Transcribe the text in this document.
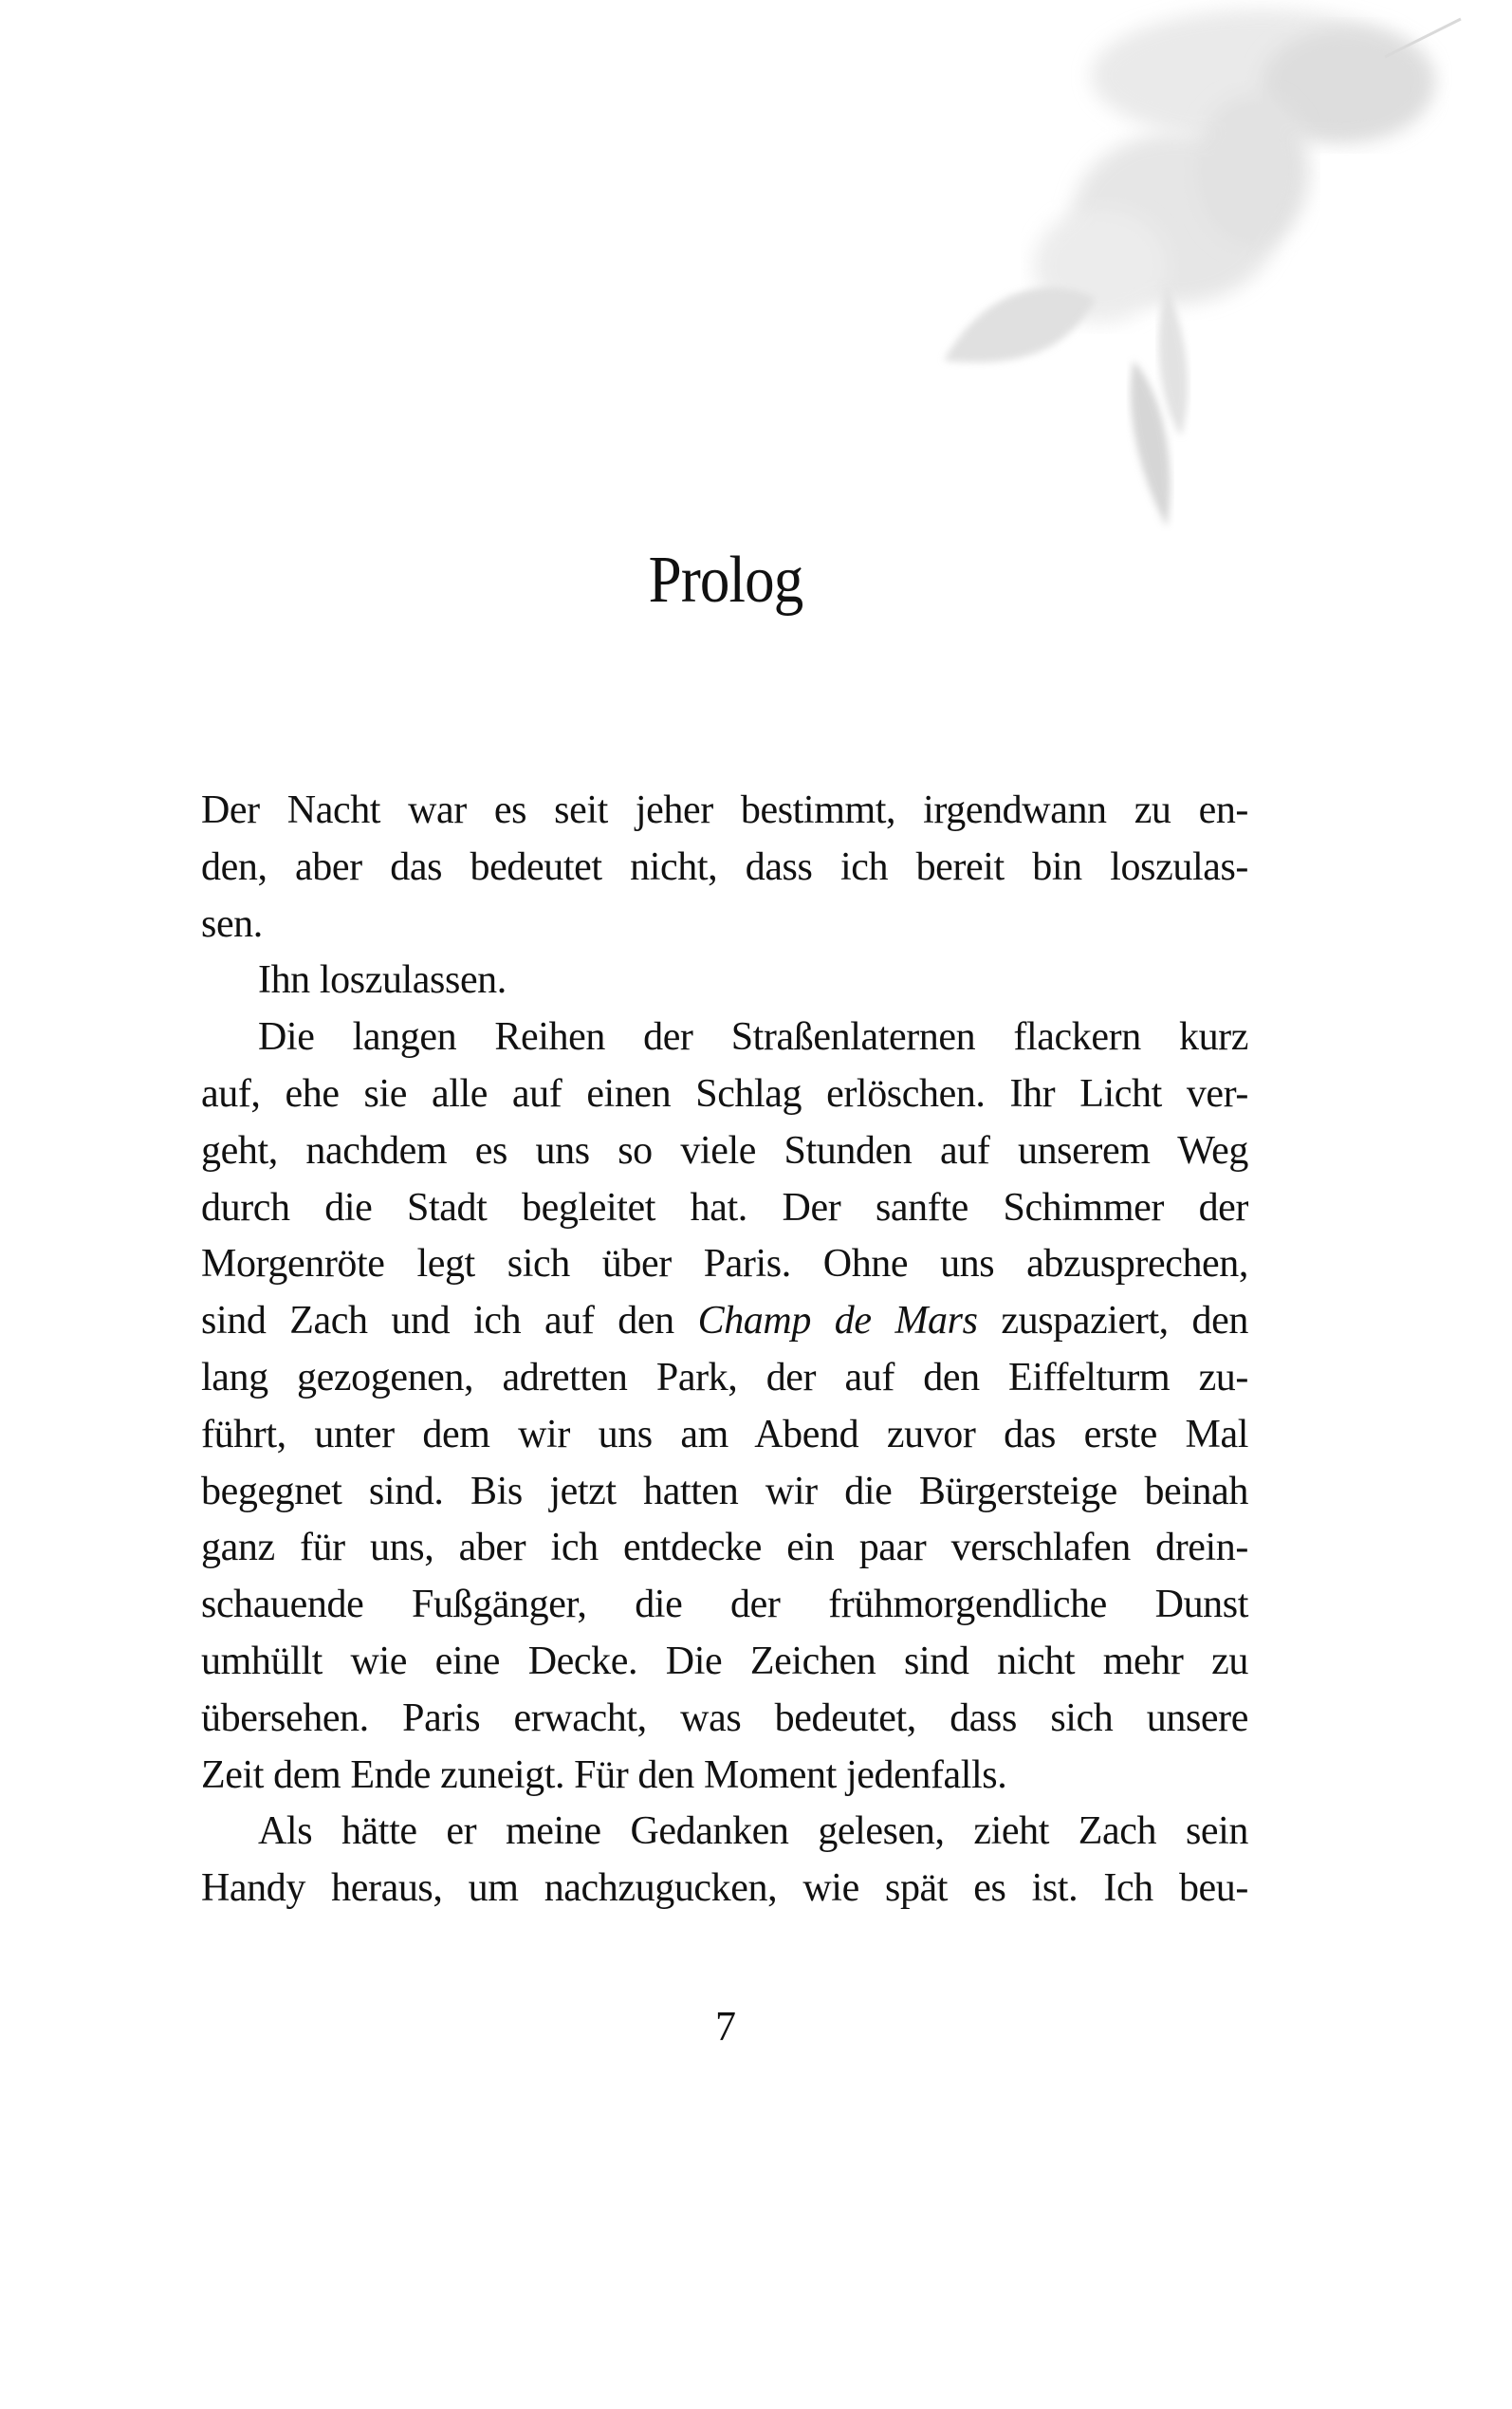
Prolog
Der Nacht war es seit jeher bestimmt, irgendwann zu en-
den, aber das bedeutet nicht, dass ich bereit bin loszulas-
sen.
Ihn loszulassen.
Die langen Reihen der Straßenlaternen flackern kurz
auf, ehe sie alle auf einen Schlag erlöschen. Ihr Licht ver-
geht, nachdem es uns so viele Stunden auf unserem Weg
durch die Stadt begleitet hat. Der sanfte Schimmer der
Morgenröte legt sich über Paris. Ohne uns abzusprechen,
sind Zach und ich auf den Champ de Mars zuspaziert, den
lang gezogenen, adretten Park, der auf den Eiffelturm zu-
führt, unter dem wir uns am Abend zuvor das erste Mal
begegnet sind. Bis jetzt hatten wir die Bürgersteige beinah
ganz für uns, aber ich entdecke ein paar verschlafen drein-
schauende Fußgänger, die der frühmorgendliche Dunst
umhüllt wie eine Decke. Die Zeichen sind nicht mehr zu
übersehen. Paris erwacht, was bedeutet, dass sich unsere
Zeit dem Ende zuneigt. Für den Moment jedenfalls.
Als hätte er meine Gedanken gelesen, zieht Zach sein
Handy heraus, um nachzugucken, wie spät es ist. Ich beu-
7
